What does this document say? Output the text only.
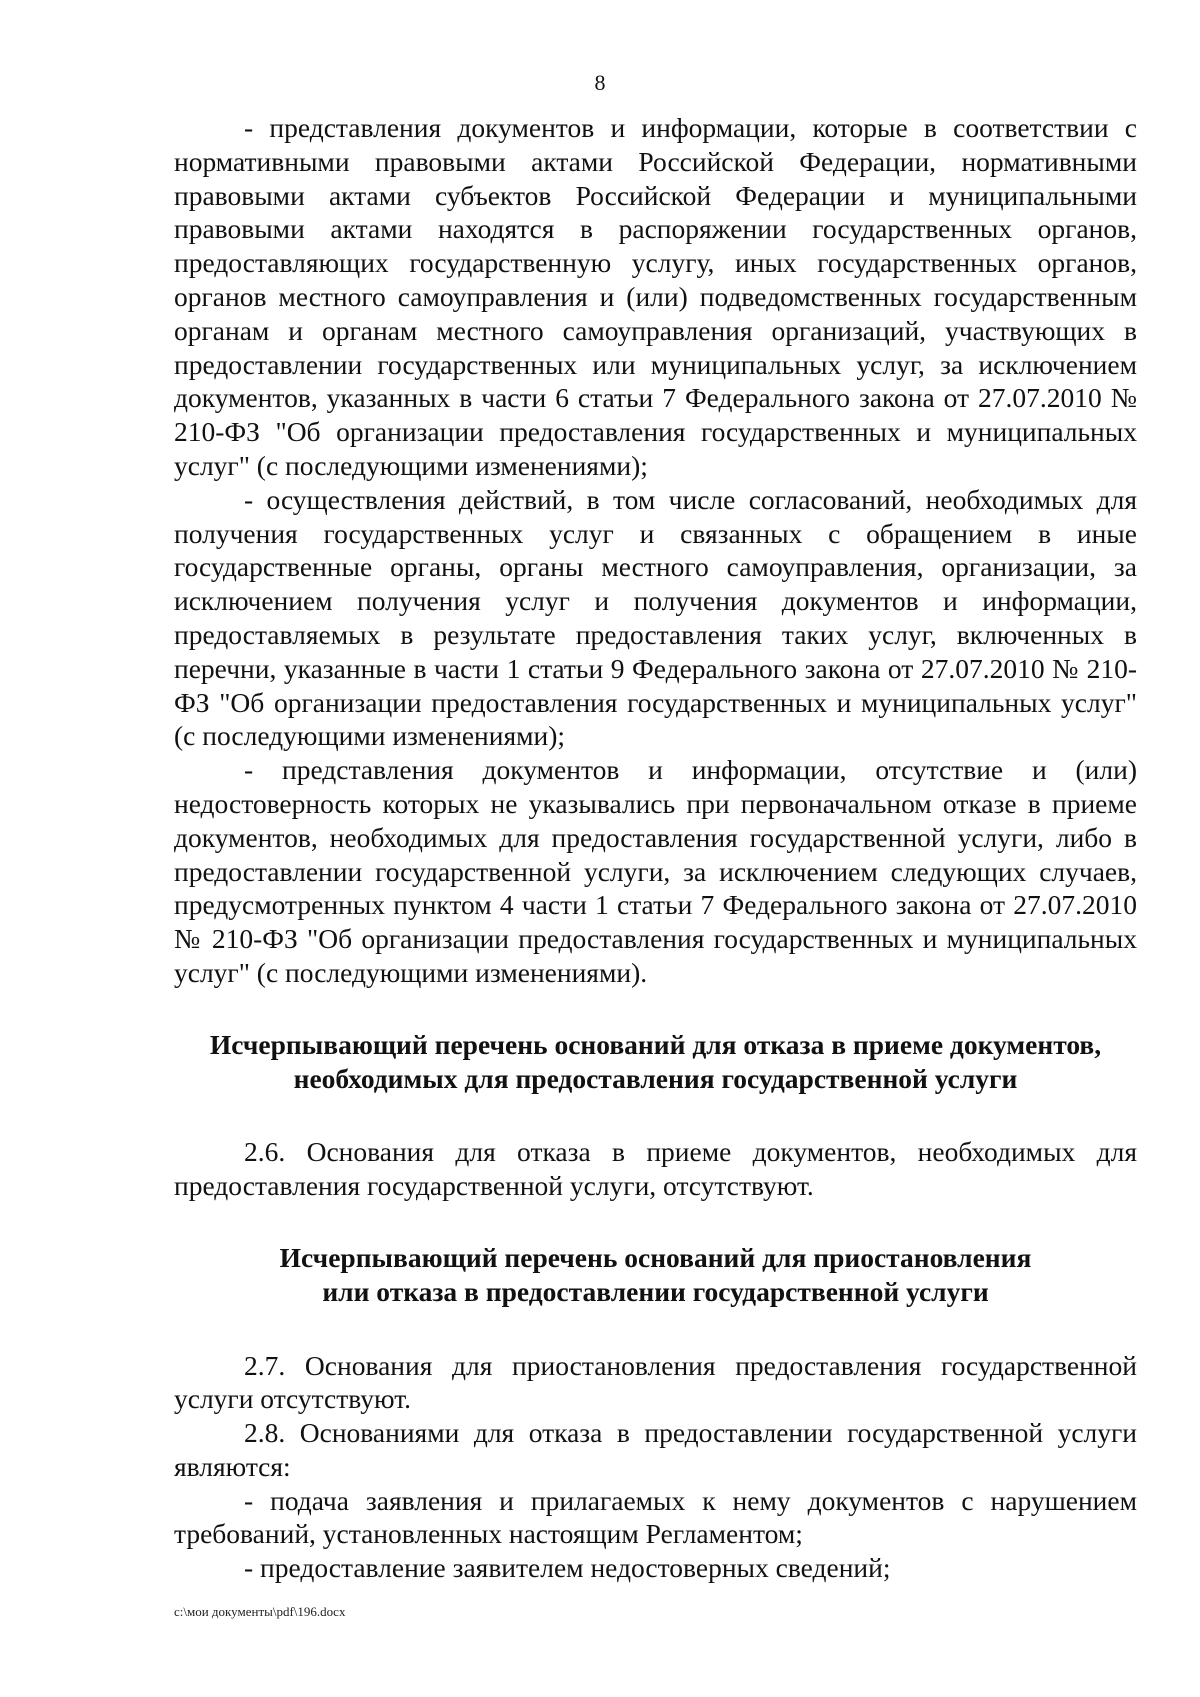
8

- представления документов и информации, которые в соответствии с нормативными правовыми актами Российской Федерации, нормативными правовыми актами субъектов Российской Федерации и муниципальными правовыми актами находятся в распоряжении государственных органов, предоставляющих государственную услугу, иных государственных органов, органов местного самоуправления и (или) подведомственных государственным органам и органам местного самоуправления организаций, участвующих в предоставлении государственных или муниципальных услуг, за исключением документов, указанных в части 6 статьи 7 Федерального закона от 27.07.2010 № 210-ФЗ "Об организации предоставления государственных и муниципальных услуг" (с последующими изменениями);

- осуществления действий, в том числе согласований, необходимых для получения государственных услуг и связанных с обращением в иные государственные органы, органы местного самоуправления, организации, за исключением получения услуг и получения документов и информации, предоставляемых в результате предоставления таких услуг, включенных в перечни, указанные в части 1 статьи 9 Федерального закона от 27.07.2010 № 210-ФЗ "Об организации предоставления государственных и муниципальных услуг" (с последующими изменениями);

- представления документов и информации, отсутствие и (или) недостоверность которых не указывались при первоначальном отказе в приеме документов, необходимых для предоставления государственной услуги, либо в предоставлении государственной услуги, за исключением следующих случаев, предусмотренных пунктом 4 части 1 статьи 7 Федерального закона от 27.07.2010 № 210-ФЗ "Об организации предоставления государственных и муниципальных услуг" (с последующими изменениями).

Исчерпывающий перечень оснований для отказа в приеме документов,
необходимых для предоставления государственной услуги

2.6. Основания для отказа в приеме документов, необходимых для предоставления государственной услуги, отсутствуют.

Исчерпывающий перечень оснований для приостановления
или отказа в предоставлении государственной услуги

2.7. Основания для приостановления предоставления государственной услуги отсутствуют.

2.8. Основаниями для отказа в предоставлении государственной услуги являются:

- подача заявления и прилагаемых к нему документов с нарушением требований, установленных настоящим Регламентом;

- предоставление заявителем недостоверных сведений;

c:\мои документы\pdf\196.docx
